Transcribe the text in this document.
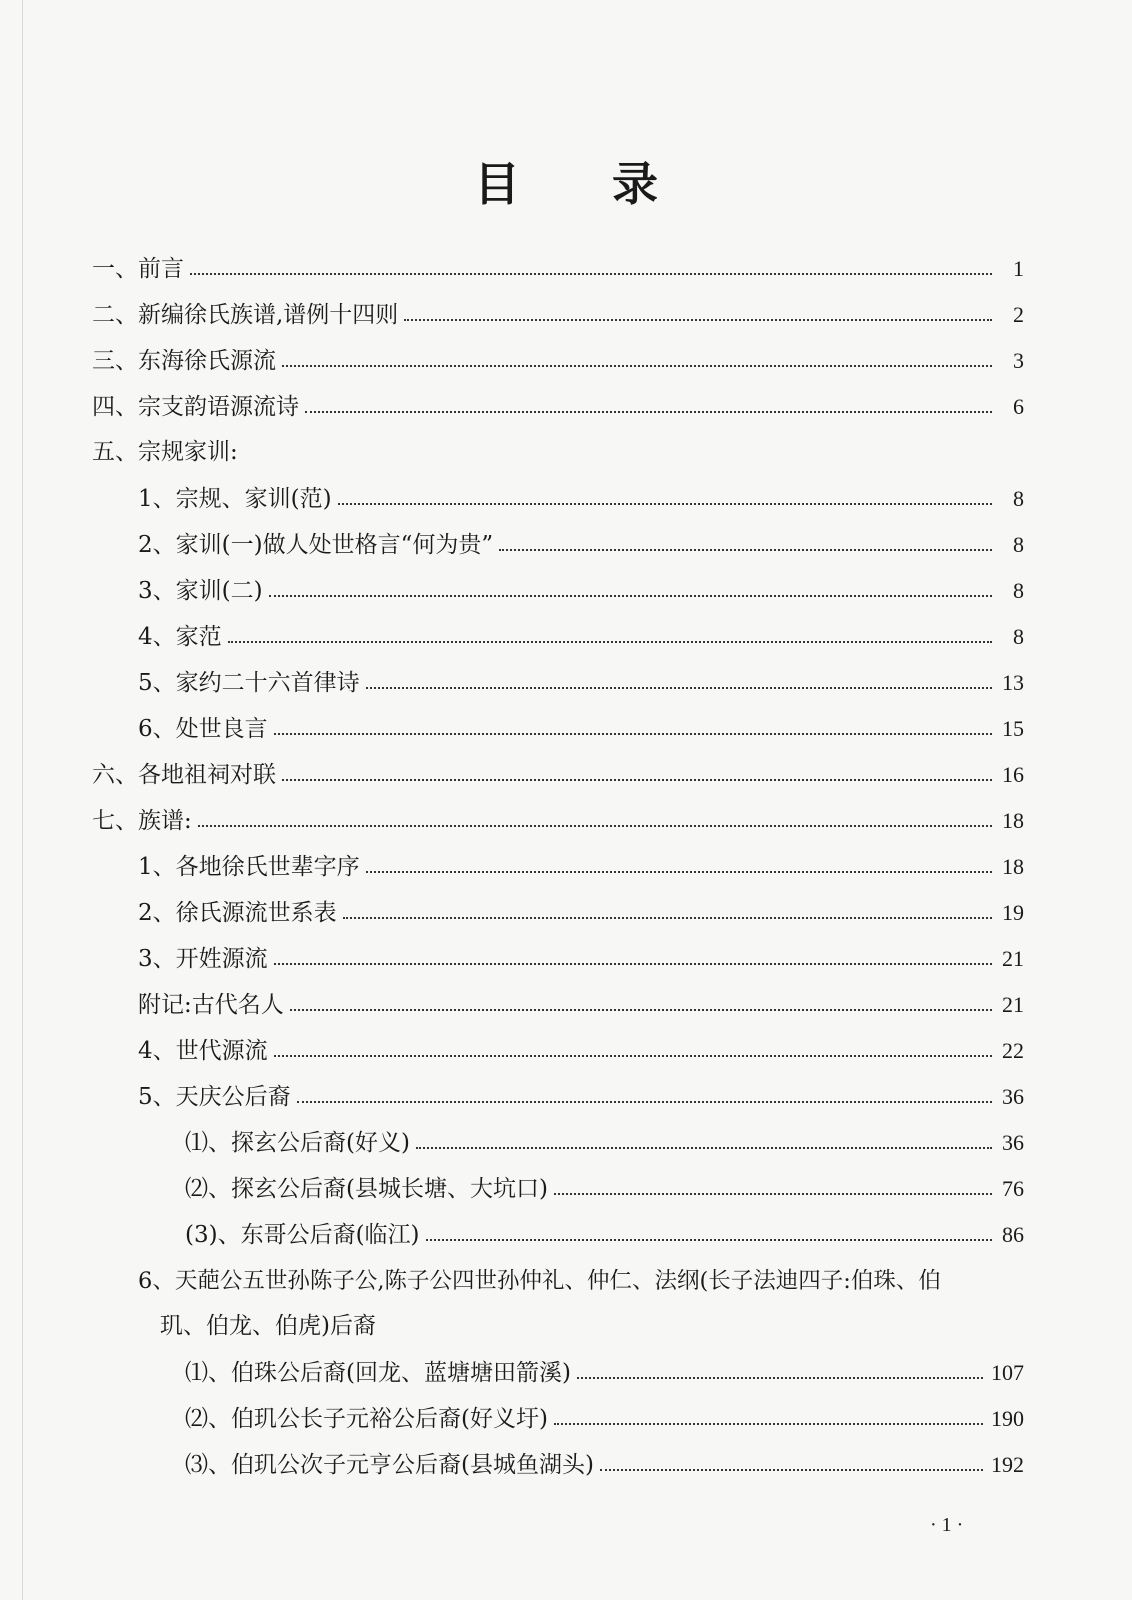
目 录
一、前言	1
二、新编徐氏族谱,谱例十四则	2
三、东海徐氏源流	3
四、宗支韵语源流诗	6
五、宗规家训:
1、宗规、家训(范)	8
2、家训(一)做人处世格言“何为贵”	8
3、家训(二)	8
4、家范	8
5、家约二十六首律诗	13
6、处世良言	15
六、各地祖祠对联	16
七、族谱:	18
1、各地徐氏世辈字序	18
2、徐氏源流世系表	19
3、开姓源流	21
附记:古代名人	21
4、世代源流	22
5、天庆公后裔	36
⑴、探玄公后裔(好义)	36
⑵、探玄公后裔(县城长塘、大坑口)	76
(3)、东哥公后裔(临江)	86
6、天葩公五世孙陈子公,陈子公四世孙仲礼、仲仁、法纲(长子法迪四子:伯珠、伯
玑、伯龙、伯虎)后裔
⑴、伯珠公后裔(回龙、蓝塘塘田箭溪)	107
⑵、伯玑公长子元裕公后裔(好义圩)	190
⑶、伯玑公次子元亨公后裔(县城鱼湖头)	192
· 1 ·
